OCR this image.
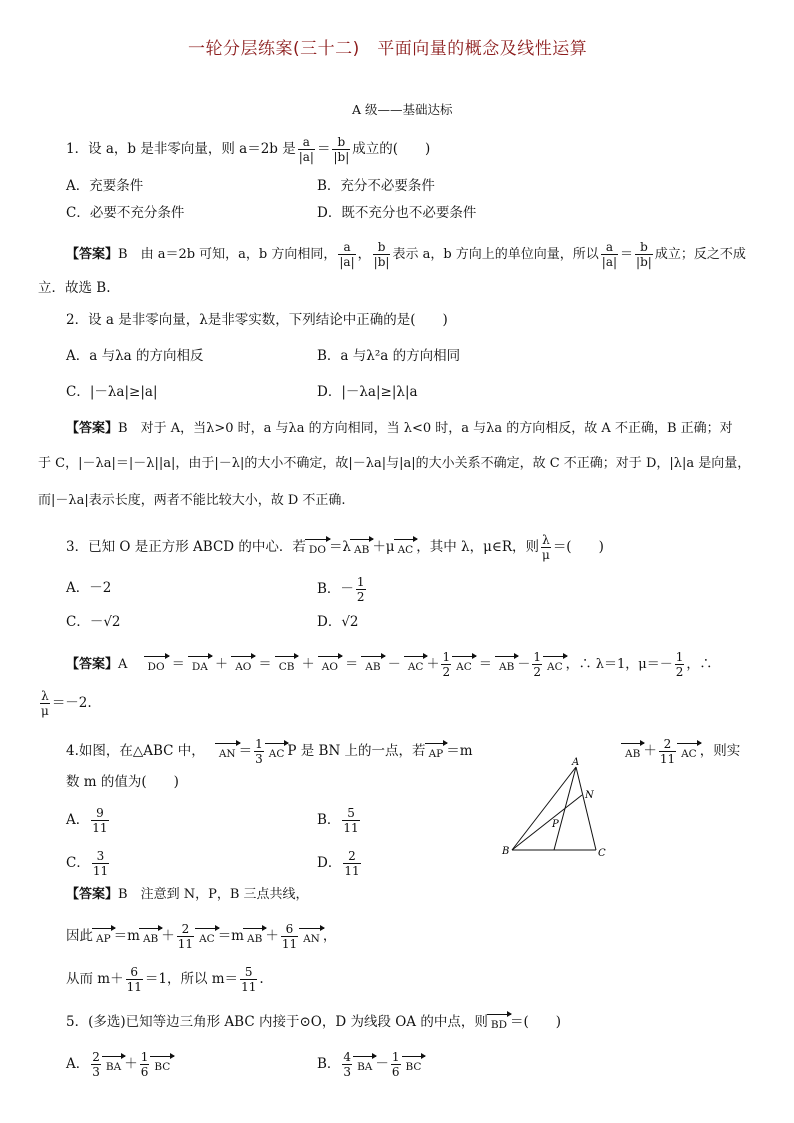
一轮分层练案(三十二)　平面向量的概念及线性运算
A 级——基础达标
1．设 a，b 是非零向量，则 a＝2b 是 $\frac{a}{|a|} = \frac{b}{|b|}$ 成立的(　　)
A．充要条件	B．充分不必要条件
C．必要不充分条件	D．既不充分也不必要条件
【答案】B　由 a＝2b 可知，a，b 方向相同， $\frac{a}{|a|}$ ， $\frac{b}{|b|}$ 表示 a，b 方向上的单位向量，所以 $\frac{a}{|a|} = \frac{b}{|b|}$ 成立；反之不成
立．故选 B.
2．设 a 是非零向量，λ是非零实数，下列结论中正确的是(　　)
A．a 与λa 的方向相反	B．a 与λ²a 的方向相同
C．|－λa|≥|a|	D．|－λa|≥|λ|a
【答案】B　对于 A，当λ>0 时，a 与λa 的方向相同，当 λ<0 时，a 与λa 的方向相反，故 A 不正确，B 正确；对
于 C，|－λa|＝|－λ||a|，由于|－λ|的大小不确定，故|－λa|与|a|的大小关系不确定，故 C 不正确；对于 D，|λ|a 是向量，
而|－λa|表示长度，两者不能比较大小，故 D 不正确.
3．已知 O 是正方形 ABCD 的中心．若 DO ＝λ AB ＋μ AC ，其中 λ，μ∈R，则 $\frac{\lambda}{\mu}$ ＝(　　)
A．－2	B．－ $\frac{1}{2}$
C．－√2	D．√2
【答案】A DO ＝ DA ＋ AO ＝ CB ＋ AO ＝ AB － AC ＋ $\frac{1}{2}$ AC ＝ AB － $\frac{1}{2}$ AC ，∴ λ＝1，$\mu=- \frac{1}{2}$ ，∴
$\frac{\lambda}{\mu} =-2$.
4.如图，在△ABC 中， AN ＝ $\frac{1}{3}$ AC P 是 BN 上的一点，若 AP ＝m	AB ＋ $\frac{2}{11}$ AC ，则实
数 m 的值为(　　)
A． $\frac{9}{11}$	B． $\frac{5}{11}$
C． $\frac{3}{11}$	D． $\frac{2}{11}$
A
N
P
B	C
【答案】B　注意到 N，P，B 三点共线，
因此 AP ＝m AB ＋ $\frac{2}{11}$ AC ＝m AB ＋ $\frac{6}{11}$ AN ，
从而 $m+ \frac{6}{11} =1$，所以 $m= \frac{5}{11}$ .
5．(多选)已知等边三角形 ABC 内接于⊙O，D 为线段 OA 的中点，则 BD ＝(　　)
A． $\frac{2}{3}$ BA ＋ $\frac{1}{6}$ BC	B． $\frac{4}{3}$ BA － $\frac{1}{6}$ BC
